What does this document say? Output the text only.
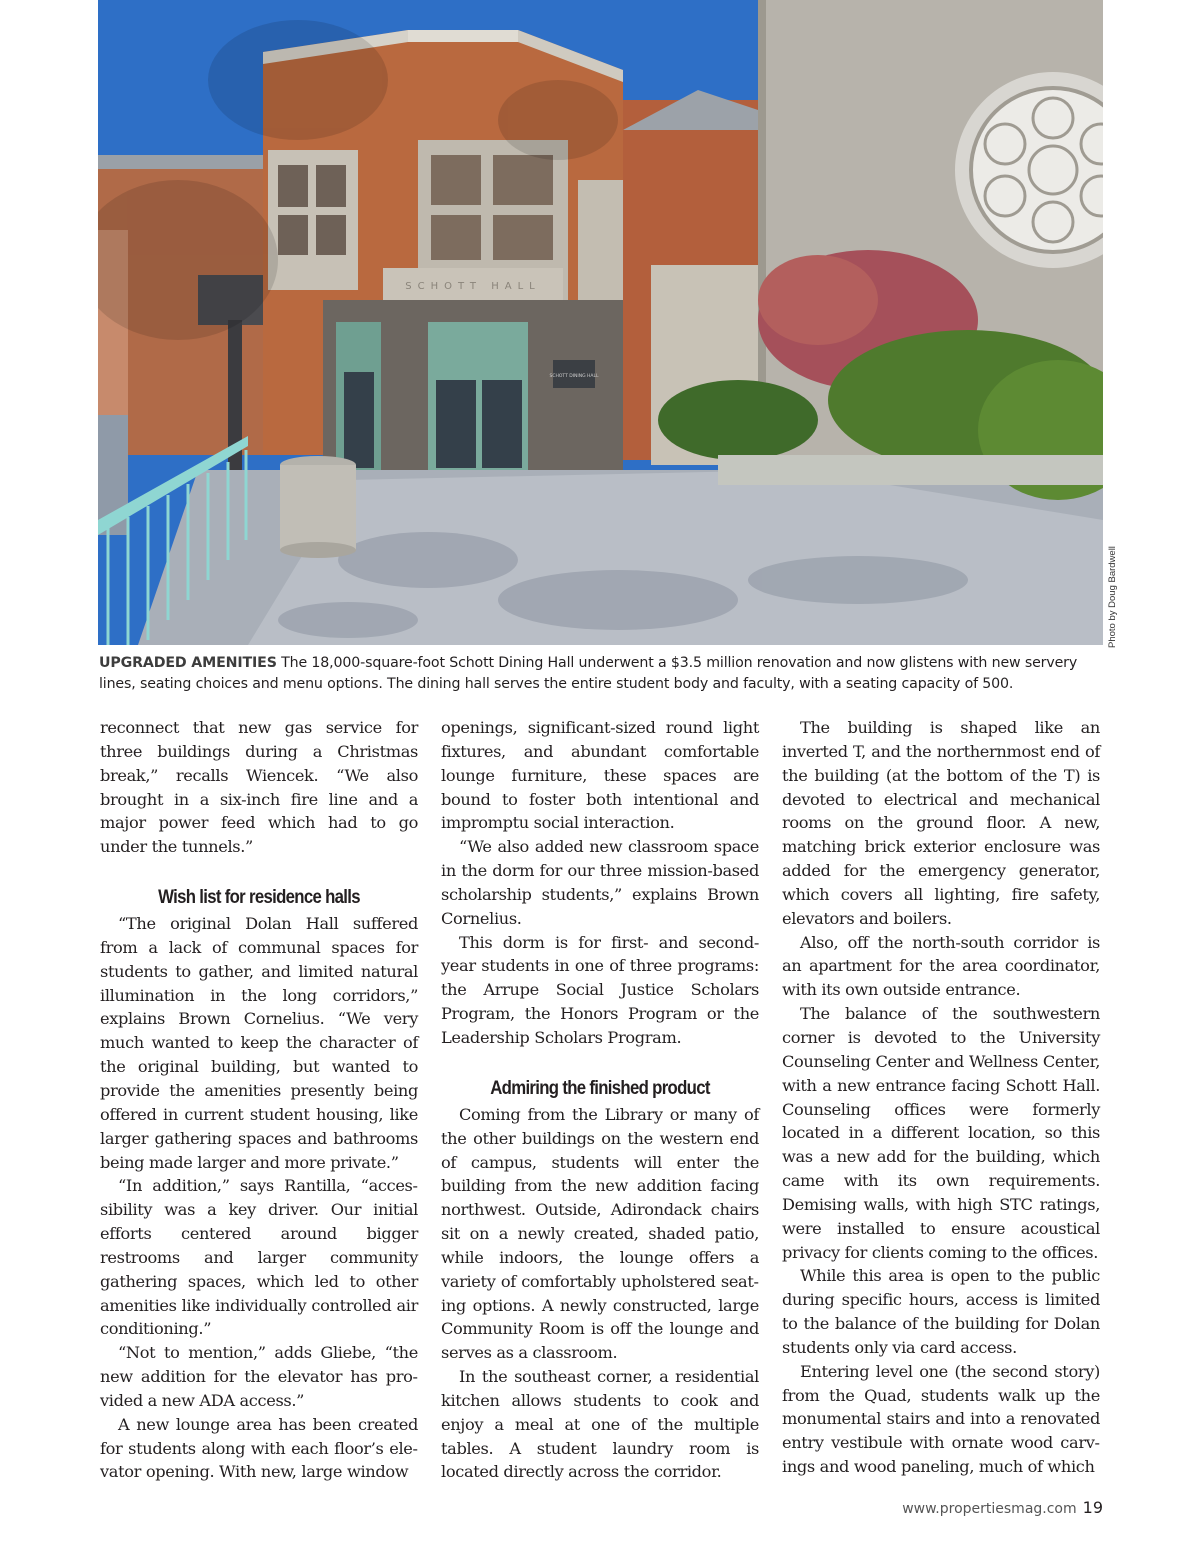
SCHOTT HALL
SCHOTT DINING HALL
Photo by Doug Bardwell
UPGRADED AMENITIES The 18,000-square-foot Schott Dining Hall underwent a $3.5 million renovation and now glistens with new servery lines, seating choices and menu options. The dining hall serves the entire student body and faculty, with a seating capacity of 500.

reconnect that new gas service for three buildings during a Christmas break,” recalls Wiencek. “We also brought in a six-inch fire line and a major power feed which had to go under the tunnels.”

Wish list for residence halls

“The original Dolan Hall suffered from a lack of communal spaces for students to gather, and limited natural illumination in the long corridors,” explains Brown Cornelius. “We very much wanted to keep the character of the original building, but wanted to provide the amenities presently being offered in current student housing, like larger gathering spaces and bathrooms being made larger and more private.”

“In addition,” says Rantilla, “accessibility was a key driver. Our initial efforts centered around bigger restrooms and larger community gathering spaces, which led to other amenities like individually controlled air conditioning.”

“Not to mention,” adds Gliebe, “the new addition for the elevator has provided a new ADA access.”

A new lounge area has been created for students along with each floor’s elevator opening. With new, large window

openings, significant-sized round light fixtures, and abundant comfortable lounge furniture, these spaces are bound to foster both intentional and impromptu social interaction.

“We also added new classroom space in the dorm for our three mission-based scholarship students,” explains Brown Cornelius.

This dorm is for first- and second-year students in one of three programs: the Arrupe Social Justice Scholars Program, the Honors Program or the Leadership Scholars Program.

Admiring the finished product

Coming from the Library or many of the other buildings on the western end of campus, students will enter the building from the new addition facing northwest. Outside, Adirondack chairs sit on a newly created, shaded patio, while indoors, the lounge offers a variety of comfortably upholstered seating options. A newly constructed, large Community Room is off the lounge and serves as a classroom.

In the southeast corner, a residential kitchen allows students to cook and enjoy a meal at one of the multiple tables. A student laundry room is located directly across the corridor.

The building is shaped like an inverted T, and the northernmost end of the building (at the bottom of the T) is devoted to electrical and mechanical rooms on the ground floor. A new, matching brick exterior enclosure was added for the emergency generator, which covers all lighting, fire safety, elevators and boilers.

Also, off the north-south corridor is an apartment for the area coordinator, with its own outside entrance.

The balance of the southwestern corner is devoted to the University Counseling Center and Wellness Center, with a new entrance facing Schott Hall. Counseling offices were formerly located in a different location, so this was a new add for the building, which came with its own requirements. Demising walls, with high STC ratings, were installed to ensure acoustical privacy for clients coming to the offices.

While this area is open to the public during specific hours, access is limited to the balance of the building for Dolan students only via card access.

Entering level one (the second story) from the Quad, students walk up the monumental stairs and into a renovated entry vestibule with ornate wood carvings and wood paneling, much of which

www.propertiesmag.com 19
